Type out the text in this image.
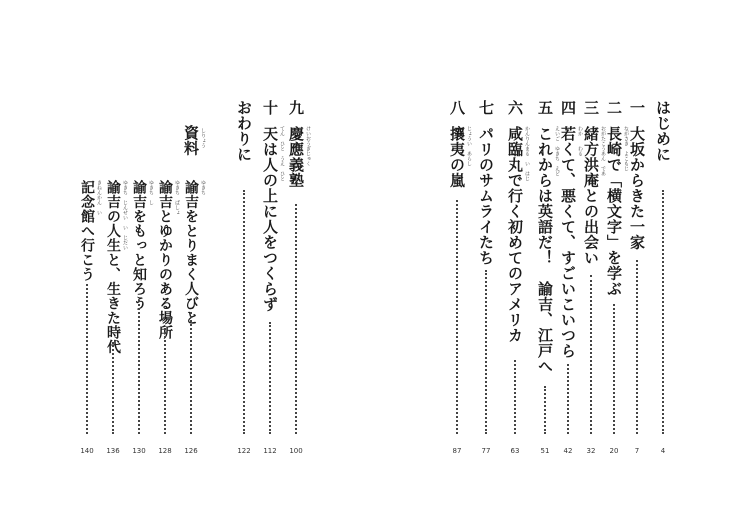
はじめに
4
一
大坂からきた一家
7
二
ながさき　よこもじ
長崎で「横文字」を学ぶ
20
三
おがたこうあん　であ
緒方洪庵との出会い
32
四
わか　　わる
若くて、悪くて、すごいこいつら
42
五
えいご　ゆきち　えど
これからは英語だ！　諭吉、江戸へ
51
六
かんりんまる　い　はじ
咸臨丸で行く初めてのアメリカ
63
七
パリのサムライたち
77
八
じょうい　あらし
攘夷の嵐
87
九
けいおうぎじゅく
慶應義塾
100
十
てん　ひと　うえ　ひと
天は人の上に人をつくらず
112
おわりに
122
しりょう
資料
ゆきち
諭吉をとりまく人びと
126
ゆきち　ばしょ
諭吉とゆかりのある場所
128
ゆきち　し
諭吉をもっと知ろう
130
ゆきち　じんせい　い　じだい
諭吉の人生と、生きた時代
136
きねんかん　い
記念館へ行こう
140
